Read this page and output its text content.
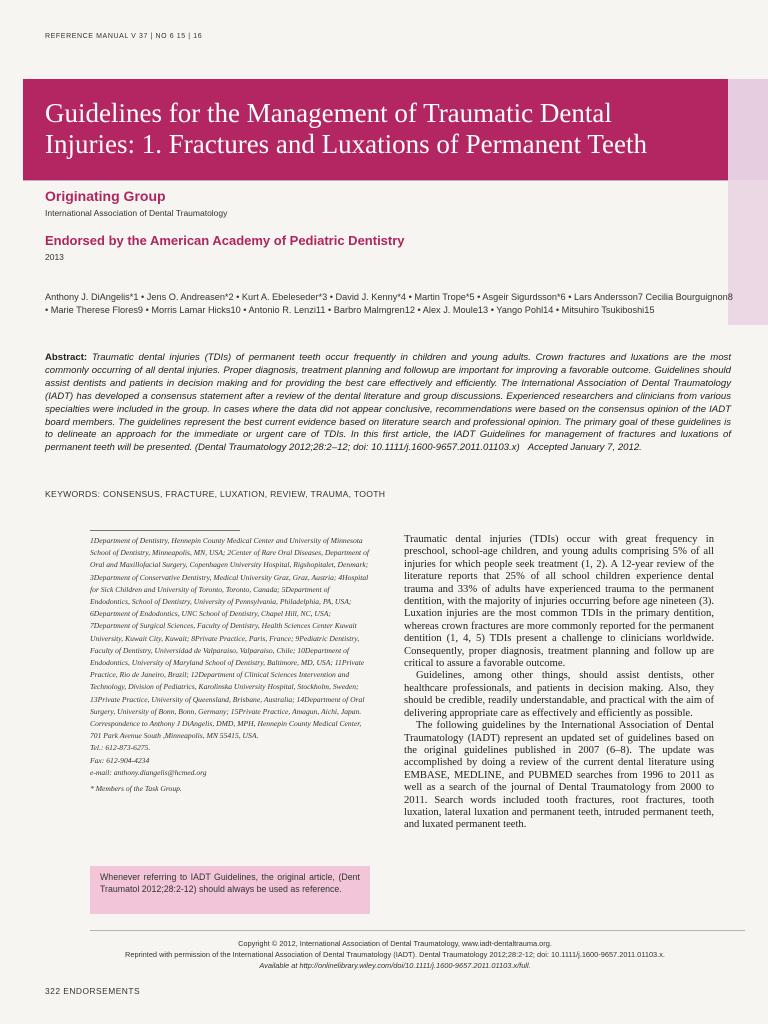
REFERENCE MANUAL V 37 | NO 6 15 | 16
Guidelines for the Management of Traumatic Dental
Injuries: 1. Fractures and Luxations of Permanent Teeth
Originating Group
International Association of Dental Traumatology
Endorsed by the American Academy of Pediatric Dentistry
2013
Anthony J. DiAngelis*1 • Jens O. Andreasen*2 • Kurt A. Ebeleseder*3 • David J. Kenny*4 • Martin Trope*5 • Asgeir Sigurdsson*6 • Lars Andersson7 Cecilia Bourguignon8 • Marie Therese Flores9 • Morris Lamar Hicks10 • Antonio R. Lenzi11 • Barbro Malmgren12 • Alex J. Moule13 • Yango Pohl14 • Mitsuhiro Tsukiboshi15
Abstract: Traumatic dental injuries (TDIs) of permanent teeth occur frequently in children and young adults. Crown fractures and luxations are the most commonly occurring of all dental injuries. Proper diagnosis, treatment planning and followup are important for improving a favorable outcome. Guidelines should assist dentists and patients in decision making and for providing the best care effectively and efficiently. The International Association of Dental Traumatology (IADT) has developed a consensus statement after a review of the dental literature and group discussions. Experienced researchers and clinicians from various specialties were included in the group. In cases where the data did not appear conclusive, recommendations were based on the consensus opinion of the IADT board members. The guidelines represent the best current evidence based on literature search and professional opinion. The primary goal of these guidelines is to delineate an approach for the immediate or urgent care of TDIs. In this first article, the IADT Guidelines for management of fractures and luxations of permanent teeth will be presented. (Dental Traumatology 2012;28:2–12; doi: 10.1111/j.1600-9657.2011.01103.x) Accepted January 7, 2012.
KEYWORDS: CONSENSUS, FRACTURE, LUXATION, REVIEW, TRAUMA, TOOTH
1Department of Dentistry, Hennepin County Medical Center and University of Minnesota School of Dentistry, Minneapolis, MN, USA; 2Center of Rare Oral Diseases, Department of Oral and Maxillofacial Surgery, Copenhagen University Hospital, Rigshopitalet, Denmark; 3Department of Conservative Dentistry, Medical University Graz, Graz, Austria; 4Hospital for Sick Children and University of Toronto, Toronto, Canada; 5Department of Endodontics, School of Dentistry, University of Pennsylvania, Philadelphia, PA, USA; 6Department of Endodontics, UNC School of Dentistry, Chapel Hill, NC, USA; 7Department of Surgical Sciences, Faculty of Dentistry, Health Sciences Center Kuwait University, Kuwait City, Kuwait; 8Private Practice, Paris, France; 9Pediatric Dentistry, Faculty of Dentistry, Universidad de Valparaiso, Valparaiso, Chile; 10Department of Endodontics, University of Maryland School of Dentistry, Baltimore, MD, USA; 11Private Practice, Rio de Janeiro, Brazil; 12Department of Clinical Sciences Intervention and Technology, Division of Pediatrics, Karolinska University Hospital, Stockholm, Sweden; 13Private Practice, University of Queensland, Brisbane, Australia; 14Department of Oral Surgery, University of Bonn, Bonn, Germany; 15Private Practice, Amagun, Aichi, Japan.
Correspondence to Anthony J DiAngelis, DMD, MPH, Hennepin County Medical Center, 701 Park Avenue South ,Minneapolis, MN 55415, USA.
Tel.: 612-873-6275.
Fax: 612-904-4234
e-mail: anthony.diangelis@hcmed.org
* Members of the Task Group.
Whenever referring to IADT Guidelines, the original article, (Dent Traumatol 2012;28:2-12) should always be used as reference.

Traumatic dental injuries (TDIs) occur with great frequency in preschool, school-age children, and young adults comprising 5% of all injuries for which people seek treatment (1, 2). A 12-year review of the literature reports that 25% of all school children experience dental trauma and 33% of adults have experienced trauma to the permanent dentition, with the majority of injuries occurring before age nineteen (3). Luxation injuries are the most common TDIs in the primary dentition, whereas crown fractures are more commonly reported for the permanent dentition (1, 4, 5) TDIs present a challenge to clinicians worldwide. Consequently, proper diagnosis, treatment planning and follow up are critical to assure a favorable outcome.

Guidelines, among other things, should assist dentists, other healthcare professionals, and patients in decision making. Also, they should be credible, readily understandable, and practical with the aim of delivering appropriate care as effectively and efficiently as possible.

The following guidelines by the International Association of Dental Traumatology (IADT) represent an updated set of guidelines based on the original guidelines published in 2007 (6–8). The update was accomplished by doing a review of the current dental literature using EMBASE, MEDLINE, and PUBMED searches from 1996 to 2011 as well as a search of the journal of Dental Traumatology from 2000 to 2011. Search words included tooth fractures, root fractures, tooth luxation, lateral luxation and permanent teeth, intruded permanent teeth, and luxated permanent teeth.

Copyright © 2012, International Association of Dental Traumatology, www.iadt-dentaltrauma.org.
Reprinted with permission of the International Association of Dental Traumatology (IADT). Dental Traumatology 2012;28:2-12; doi: 10.1111/j.1600-9657.2011.01103.x.
Available at http://onlinelibrary.wiley.com/doi/10.1111/j.1600-9657.2011.01103.x/full.
322 ENDORSEMENTS
